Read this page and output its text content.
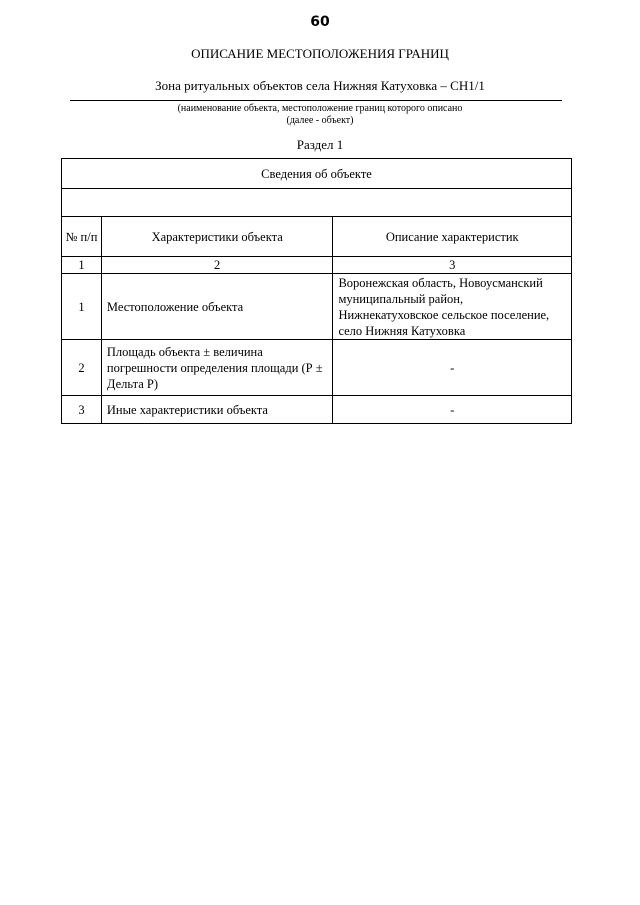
60
ОПИСАНИЕ МЕСТОПОЛОЖЕНИЯ ГРАНИЦ
Зона ритуальных объектов села Нижняя Катуховка – СН1/1
(наименование объекта, местоположение границ которого описано
(далее - объект)
Раздел 1
Сведения об объекте		

№ п/п	Характеристики объекта	Описание характеристик
1	2	3
1	Местоположение объекта	Воронежская область, Новоусманский муниципальный район, Нижнекатуховское сельское поселение, село Нижняя Катуховка
2	Площадь объекта ± величина погрешности определения площади (Р ± Дельта Р)	-
3	Иные характеристики объекта	-
